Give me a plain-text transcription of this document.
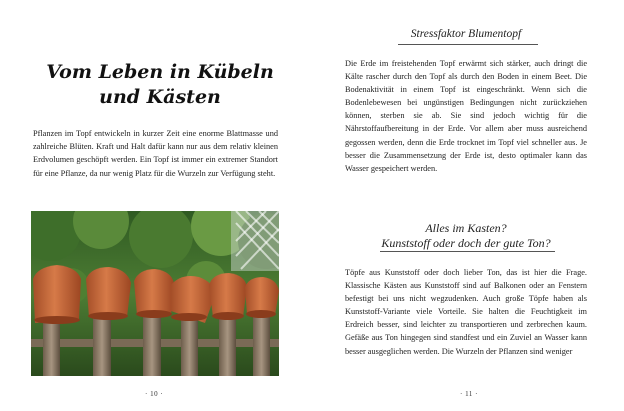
Vom Leben in Kübeln
und Kästen

Pflanzen im Topf entwickeln in kurzer Zeit eine enorme Blattmasse und zahlreiche Blüten. Kraft und Halt dafür kann nur aus dem relativ kleinen Erdvolumen geschöpft werden. Ein Topf ist immer ein extremer Standort für eine Pflanze, da nur wenig Platz für die Wurzeln zur Verfügung steht.

· 10 ·
Stressfaktor Blumentopf

Die Erde im freistehenden Topf erwärmt sich stärker, auch dringt die Kälte rascher durch den Topf als durch den Boden in einem Beet. Die Bodenaktivität in einem Topf ist eingeschränkt. Wenn sich die Bodenlebewesen bei ungünstigen Bedingungen nicht zurückziehen können, sterben sie ab. Sie sind jedoch wichtig für die Nährstoffaufbereitung in der Erde. Vor allem aber muss ausreichend gegossen werden, denn die Erde trocknet im Topf viel schneller aus. Je besser die Zusammensetzung der Erde ist, desto optimaler kann das Wasser gespeichert werden.

Alles im Kasten?
Kunststoff oder doch der gute Ton?

Töpfe aus Kunststoff oder doch lieber Ton, das ist hier die Frage. Klassische Kästen aus Kunststoff sind auf Balkonen oder an Fenstern befestigt bei uns nicht wegzudenken. Auch große Töpfe haben als Kunststoff-Variante viele Vorteile. Sie halten die Feuchtigkeit im Erdreich besser, sind leichter zu transportieren und zerbrechen kaum. Gefäße aus Ton hingegen sind standfest und ein Zuviel an Wasser kann besser ausgeglichen werden. Die Wurzeln der Pflanzen sind weniger

· 11 ·
